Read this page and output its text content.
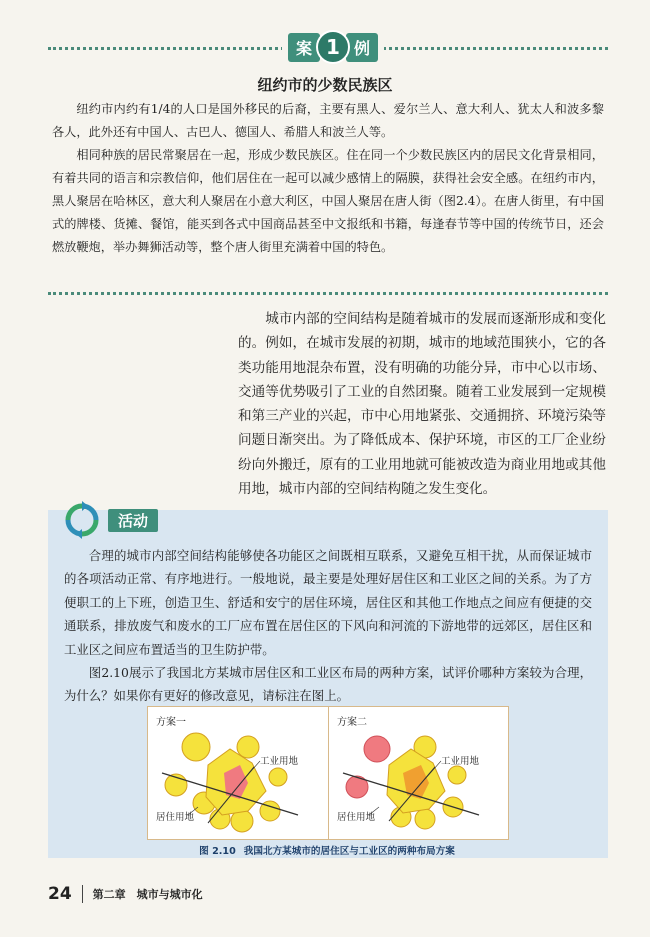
案 1 例
纽约市的少数民族区

纽约市内约有1/4的人口是国外移民的后裔，主要有黑人、爱尔兰人、意大利人、犹太人和波多黎各人，此外还有中国人、古巴人、德国人、希腊人和波兰人等。

相同种族的居民常聚居在一起，形成少数民族区。住在同一个少数民族区内的居民文化背景相同，有着共同的语言和宗教信仰，他们居住在一起可以减少感情上的隔膜，获得社会安全感。在纽约市内，黑人聚居在哈林区，意大利人聚居在小意大利区，中国人聚居在唐人街（图2.4）。在唐人街里，有中国式的牌楼、货摊、餐馆，能买到各式中国商品甚至中文报纸和书籍，每逢春节等中国的传统节日，还会燃放鞭炮，举办舞狮活动等，整个唐人街里充满着中国的特色。

城市内部的空间结构是随着城市的发展而逐渐形成和变化的。例如，在城市发展的初期，城市的地域范围狭小，它的各类功能用地混杂布置，没有明确的功能分异，市中心以市场、交通等优势吸引了工业的自然团聚。随着工业发展到一定规模和第三产业的兴起，市中心用地紧张、交通拥挤、环境污染等问题日渐突出。为了降低成本、保护环境，市区的工厂企业纷纷向外搬迁，原有的工业用地就可能被改造为商业用地或其他用地，城市内部的空间结构随之发生变化。

活动

合理的城市内部空间结构能够使各功能区之间既相互联系，又避免互相干扰，从而保证城市的各项活动正常、有序地进行。一般地说，最主要是处理好居住区和工业区之间的关系。为了方便职工的上下班，创造卫生、舒适和安宁的居住环境，居住区和其他工作地点之间应有便捷的交通联系，排放废气和废水的工厂应布置在居住区的下风向和河流的下游地带的远郊区，居住区和工业区之间应布置适当的卫生防护带。

图2.10展示了我国北方某城市居住区和工业区布局的两种方案，试评价哪种方案较为合理，为什么？如果你有更好的修改意见，请标注在图上。

方案一
工业用地
居住用地
方案二
工业用地
居住用地
图 2.10 我国北方某城市的居住区与工业区的两种布局方案
24 第二章　城市与城市化
